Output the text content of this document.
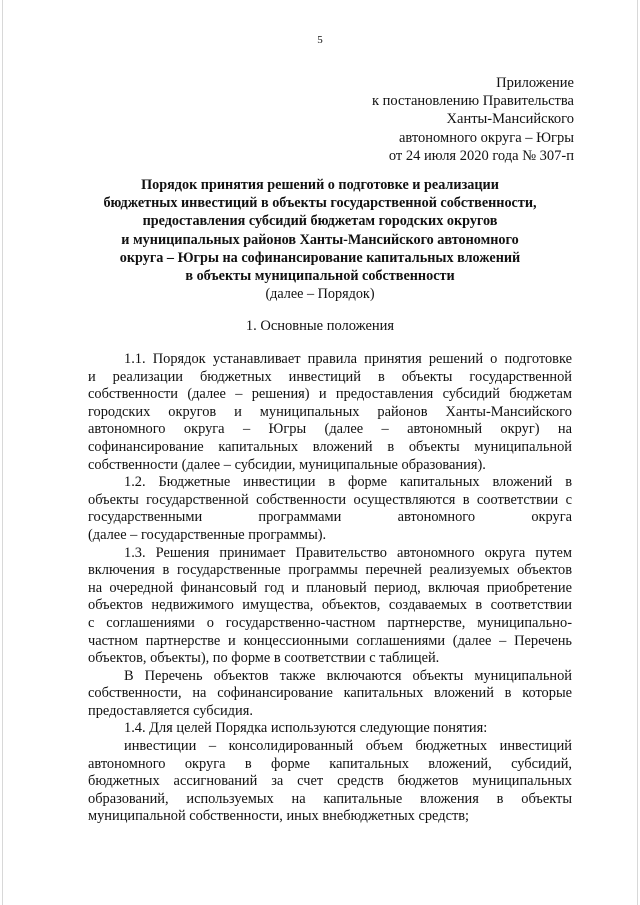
5
Приложение
к постановлению Правительства
Ханты-Мансийского
автономного округа – Югры
от 24 июля 2020 года № 307-п
Порядок принятия решений о подготовке и реализации
бюджетных инвестиций в объекты государственной собственности,
предоставления субсидий бюджетам городских округов
и муниципальных районов Ханты-Мансийского автономного
округа – Югры на софинансирование капитальных вложений
в объекты муниципальной собственности
(далее – Порядок)
1. Основные положения
1.1. Порядок устанавливает правила принятия решений о подготовке
и реализации бюджетных инвестиций в объекты государственной
собственности (далее – решения) и предоставления субсидий бюджетам
городских округов и муниципальных районов Ханты-Мансийского
автономного округа – Югры (далее – автономный округ) на
софинансирование капитальных вложений в объекты муниципальной
собственности (далее – субсидии, муниципальные образования).
1.2. Бюджетные инвестиции в форме капитальных вложений в
объекты государственной собственности осуществляются в соответствии с
государственными программами автономного округа
(далее – государственные программы).
1.3. Решения принимает Правительство автономного округа путем
включения в государственные программы перечней реализуемых объектов
на очередной финансовый год и плановый период, включая приобретение
объектов недвижимого имущества, объектов, создаваемых в соответствии
с соглашениями о государственно-частном партнерстве, муниципально-
частном партнерстве и концессионными соглашениями (далее – Перечень
объектов, объекты), по форме в соответствии с таблицей.
В Перечень объектов также включаются объекты муниципальной
собственности, на софинансирование капитальных вложений в которые
предоставляется субсидия.
1.4. Для целей Порядка используются следующие понятия:
инвестиции – консолидированный объем бюджетных инвестиций
автономного округа в форме капитальных вложений, субсидий,
бюджетных ассигнований за счет средств бюджетов муниципальных
образований, используемых на капитальные вложения в объекты
муниципальной собственности, иных внебюджетных средств;
